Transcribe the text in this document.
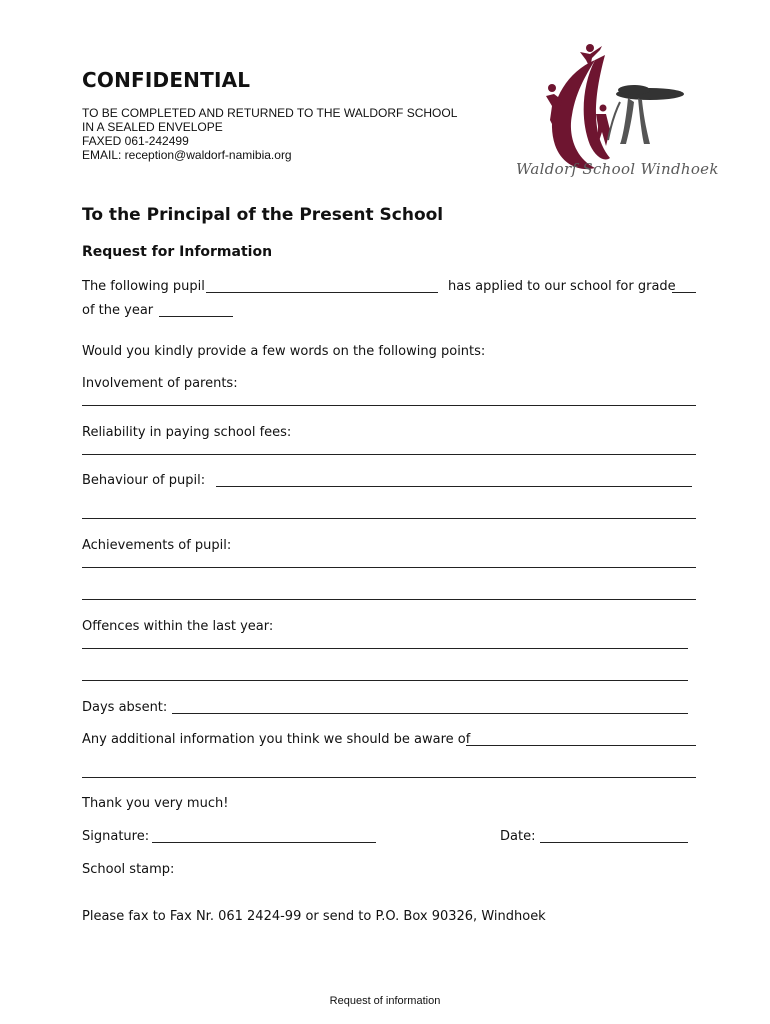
CONFIDENTIAL
TO BE COMPLETED AND RETURNED TO THE WALDORF SCHOOL
IN A SEALED ENVELOPE
FAXED 061-242499
EMAIL: reception@waldorf-namibia.org
Waldorf School Windhoek
To the Principal of the Present School
Request for Information
The following pupil	has applied to our school for grade
of the year
Would you kindly provide a few words on the following points:
Involvement of parents:
Reliability in paying school fees:
Behaviour of pupil:
Achievements of pupil:
Offences within the last year:
Days absent:
Any additional information you think we should be aware of
Thank you very much!
Signature:	Date:
School stamp:
Please fax to Fax Nr. 061 2424-99 or send to P.O. Box 90326, Windhoek
Request of information
